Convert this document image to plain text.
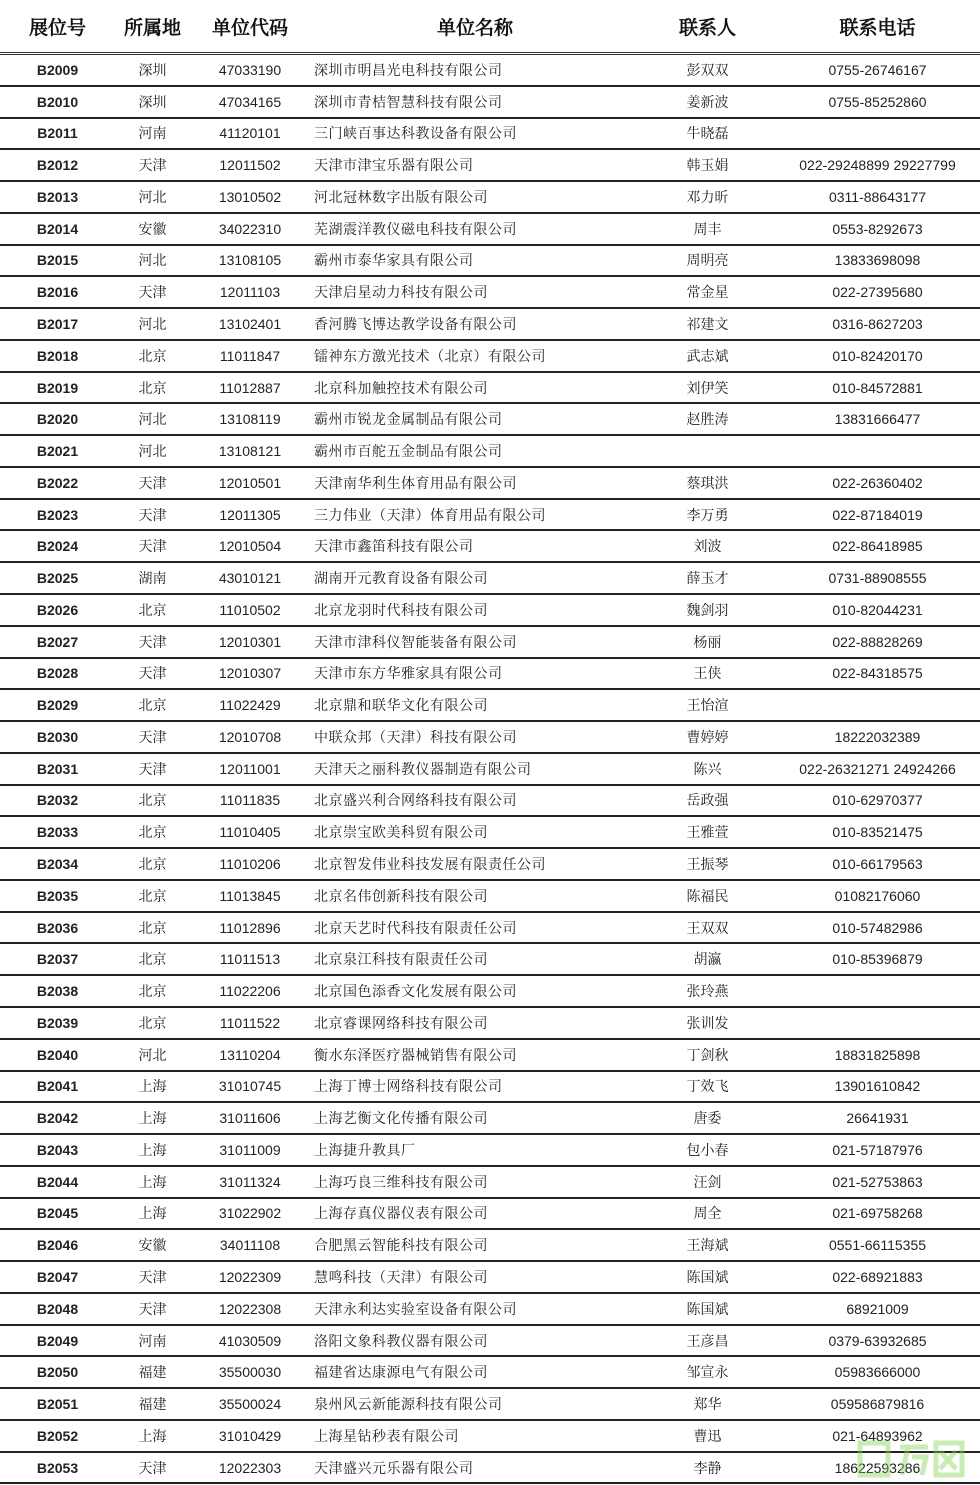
展位号	所属地	单位代码	单位名称	联系人	联系电话
B2009	深圳	47033190	深圳市明昌光电科技有限公司	彭双双	0755-26746167
B2010	深圳	47034165	深圳市青桔智慧科技有限公司	姜新波	0755-85252860
B2011	河南	41120101	三门峡百事达科教设备有限公司	牛晓磊
B2012	天津	12011502	天津市津宝乐器有限公司	韩玉娟	022-29248899 29227799
B2013	河北	13010502	河北冠林数字出版有限公司	邓力昕	0311-88643177
B2014	安徽	34022310	芜湖震洋教仪磁电科技有限公司	周丰	0553-8292673
B2015	河北	13108105	霸州市泰华家具有限公司	周明亮	13833698098
B2016	天津	12011103	天津启星动力科技有限公司	常金星	022-27395680
B2017	河北	13102401	香河腾飞博达教学设备有限公司	祁建文	0316-8627203
B2018	北京	11011847	镭神东方激光技术（北京）有限公司	武志斌	010-82420170
B2019	北京	11012887	北京科加触控技术有限公司	刘伊笑	010-84572881
B2020	河北	13108119	霸州市锐龙金属制品有限公司	赵胜涛	13831666477
B2021	河北	13108121	霸州市百舵五金制品有限公司
B2022	天津	12010501	天津南华利生体育用品有限公司	蔡琪洪	022-26360402
B2023	天津	12011305	三力伟业（天津）体育用品有限公司	李万勇	022-87184019
B2024	天津	12010504	天津市鑫笛科技有限公司	刘波	022-86418985
B2025	湖南	43010121	湖南开元教育设备有限公司	薛玉才	0731-88908555
B2026	北京	11010502	北京龙羽时代科技有限公司	魏剑羽	010-82044231
B2027	天津	12010301	天津市津科仪智能装备有限公司	杨丽	022-88828269
B2028	天津	12010307	天津市东方华雅家具有限公司	王侠	022-84318575
B2029	北京	11022429	北京鼎和联华文化有限公司	王怡渲
B2030	天津	12010708	中联众邦（天津）科技有限公司	曹婷婷	18222032389
B2031	天津	12011001	天津天之丽科教仪器制造有限公司	陈兴	022-26321271 24924266
B2032	北京	11011835	北京盛兴利合网络科技有限公司	岳政强	010-62970377
B2033	北京	11010405	北京崇宝欧美科贸有限公司	王雅萱	010-83521475
B2034	北京	11010206	北京智发伟业科技发展有限责任公司	王振琴	010-66179563
B2035	北京	11013845	北京名伟创新科技有限公司	陈福民	01082176060
B2036	北京	11012896	北京天艺时代科技有限责任公司	王双双	010-57482986
B2037	北京	11011513	北京泉江科技有限责任公司	胡瀛	010-85396879
B2038	北京	11022206	北京国色添香文化发展有限公司	张玲燕
B2039	北京	11011522	北京睿课网络科技有限公司	张训发
B2040	河北	13110204	衡水东泽医疗器械销售有限公司	丁剑秋	18831825898
B2041	上海	31010745	上海丁博士网络科技有限公司	丁效飞	13901610842
B2042	上海	31011606	上海艺衡文化传播有限公司	唐委	26641931
B2043	上海	31011009	上海捷升教具厂	包小春	021-57187976
B2044	上海	31011324	上海巧良三维科技有限公司	汪剑	021-52753863
B2045	上海	31022902	上海存真仪器仪表有限公司	周全	021-69758268
B2046	安徽	34011108	合肥黑云智能科技有限公司	王海斌	0551-66115355
B2047	天津	12022309	慧鸣科技（天津）有限公司	陈国斌	022-68921883
B2048	天津	12022308	天津永利达实验室设备有限公司	陈国斌	68921009
B2049	河南	41030509	洛阳文象科教仪器有限公司	王彦昌	0379-63932685
B2050	福建	35500030	福建省达康源电气有限公司	邹宣永	05983666000
B2051	福建	35500024	泉州风云新能源科技有限公司	郑华	059586879816
B2052	上海	31010429	上海星钻秒表有限公司	曹迅	021-64893962
B2053	天津	12022303	天津盛兴元乐器有限公司	李静	18622593286
